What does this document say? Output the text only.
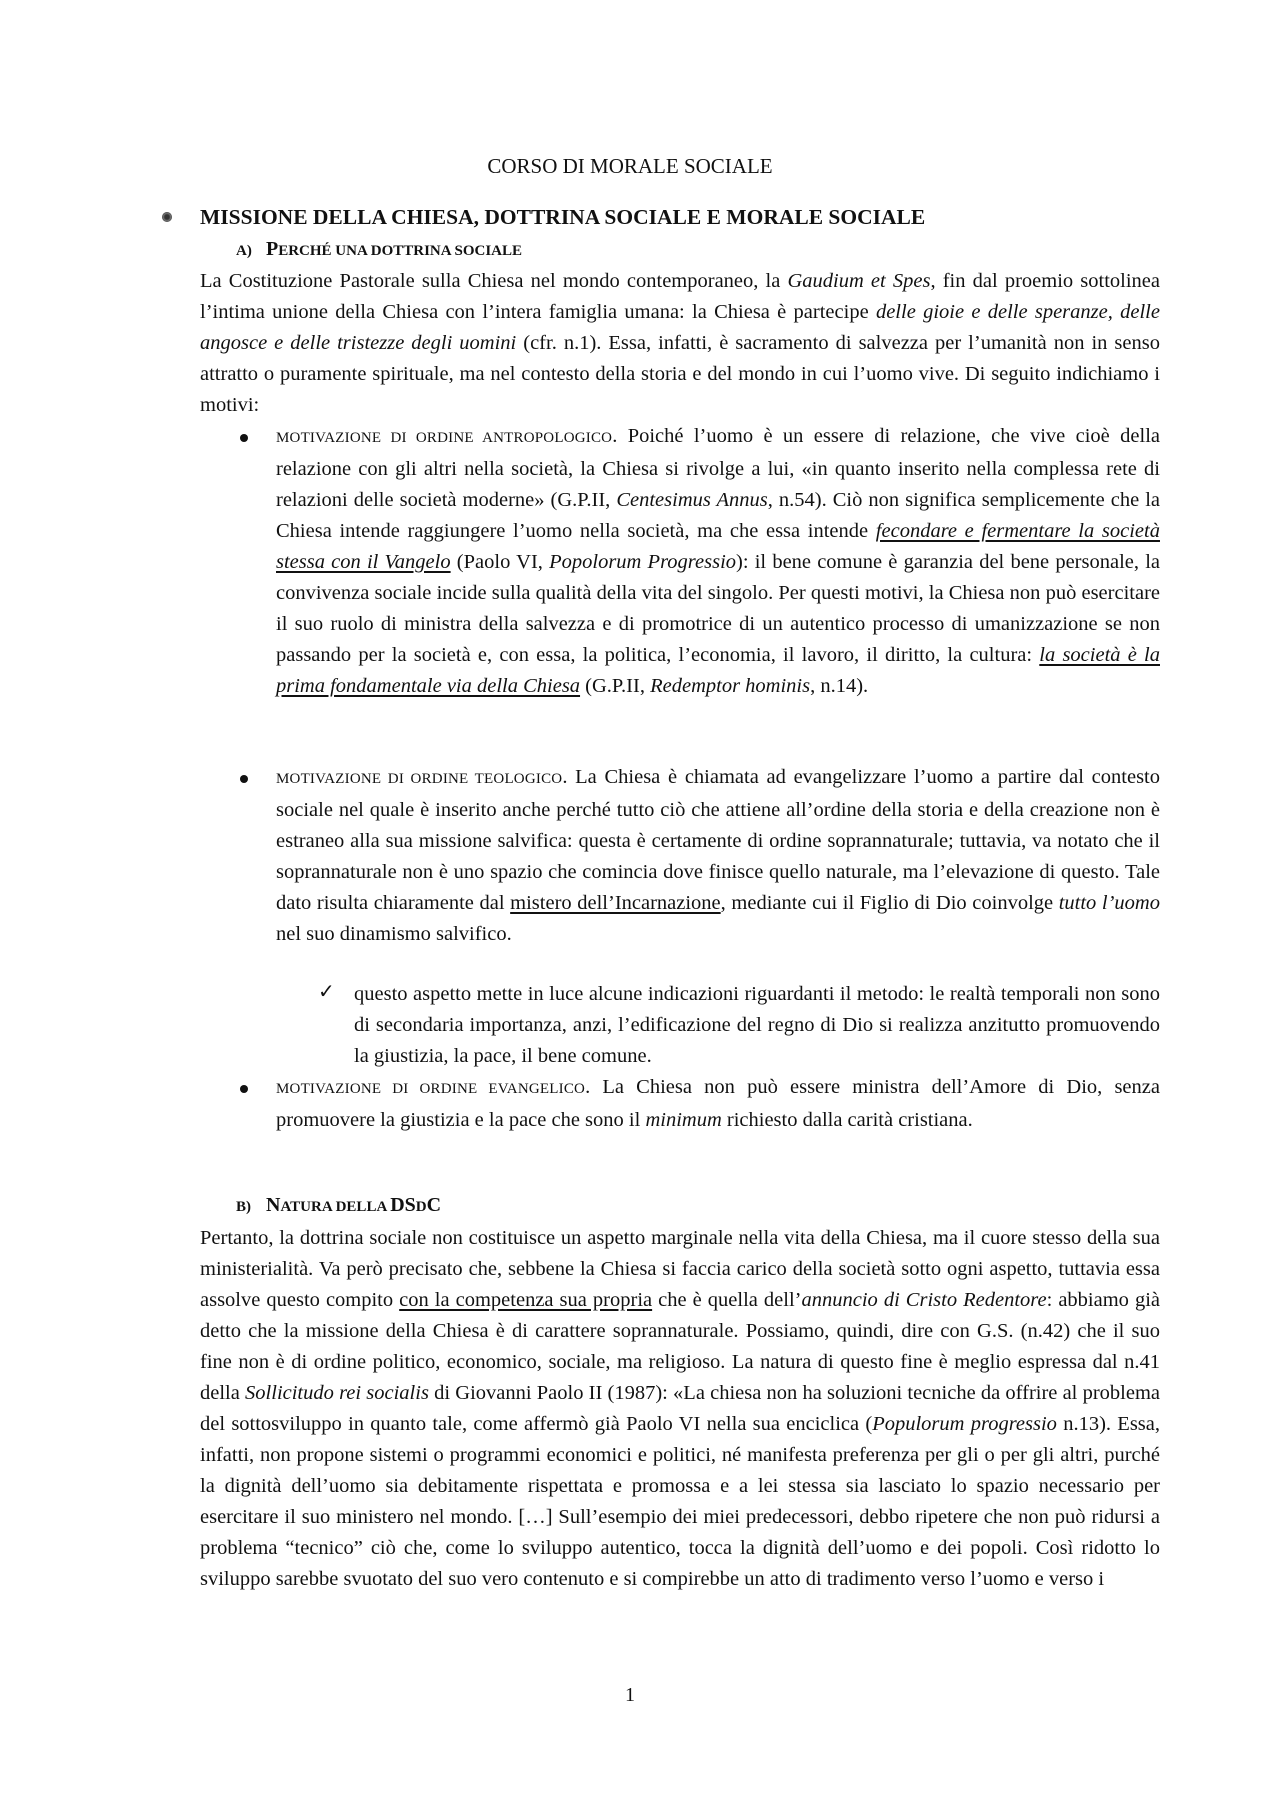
CORSO DI MORALE SOCIALE
MISSIONE DELLA CHIESA, DOTTRINA SOCIALE E MORALE SOCIALE
A) PERCHÉ UNA DOTTRINA SOCIALE

La Costituzione Pastorale sulla Chiesa nel mondo contemporaneo, la Gaudium et Spes, fin dal proemio sottolinea l’intima unione della Chiesa con l’intera famiglia umana: la Chiesa è partecipe delle gioie e delle speranze, delle angosce e delle tristezze degli uomini (cfr. n.1). Essa, infatti, è sacramento di salvezza per l’umanità non in senso attratto o puramente spirituale, ma nel contesto della storia e del mondo in cui l’uomo vive. Di seguito indichiamo i motivi:

MOTIVAZIONE DI ORDINE ANTROPOLOGICO. Poiché l’uomo è un essere di relazione, che vive cioè della relazione con gli altri nella società, la Chiesa si rivolge a lui, «in quanto inserito nella complessa rete di relazioni delle società moderne» (G.P.II, Centesimus Annus, n.54). Ciò non significa semplicemente che la Chiesa intende raggiungere l’uomo nella società, ma che essa intende fecondare e fermentare la società stessa con il Vangelo (Paolo VI, Popolorum Progressio): il bene comune è garanzia del bene personale, la convivenza sociale incide sulla qualità della vita del singolo. Per questi motivi, la Chiesa non può esercitare il suo ruolo di ministra della salvezza e di promotrice di un autentico processo di umanizzazione se non passando per la società e, con essa, la politica, l’economia, il lavoro, il diritto, la cultura: la società è la prima fondamentale via della Chiesa (G.P.II, Redemptor hominis, n.14).

MOTIVAZIONE DI ORDINE TEOLOGICO. La Chiesa è chiamata ad evangelizzare l’uomo a partire dal contesto sociale nel quale è inserito anche perché tutto ciò che attiene all’ordine della storia e della creazione non è estraneo alla sua missione salvifica: questa è certamente di ordine soprannaturale; tuttavia, va notato che il soprannaturale non è uno spazio che comincia dove finisce quello naturale, ma l’elevazione di questo. Tale dato risulta chiaramente dal mistero dell’Incarnazione, mediante cui il Figlio di Dio coinvolge tutto l’uomo nel suo dinamismo salvifico.

✓ questo aspetto mette in luce alcune indicazioni riguardanti il metodo: le realtà temporali non sono di secondaria importanza, anzi, l’edificazione del regno di Dio si realizza anzitutto promuovendo la giustizia, la pace, il bene comune.

MOTIVAZIONE DI ORDINE EVANGELICO. La Chiesa non può essere ministra dell’Amore di Dio, senza promuovere la giustizia e la pace che sono il minimum richiesto dalla carità cristiana.

B) NATURA DELLA DSDC

Pertanto, la dottrina sociale non costituisce un aspetto marginale nella vita della Chiesa, ma il cuore stesso della sua ministerialità. Va però precisato che, sebbene la Chiesa si faccia carico della società sotto ogni aspetto, tuttavia essa assolve questo compito con la competenza sua propria che è quella dell’annuncio di Cristo Redentore: abbiamo già detto che la missione della Chiesa è di carattere soprannaturale. Possiamo, quindi, dire con G.S. (n.42) che il suo fine non è di ordine politico, economico, sociale, ma religioso. La natura di questo fine è meglio espressa dal n.41 della Sollicitudo rei socialis di Giovanni Paolo II (1987): «La chiesa non ha soluzioni tecniche da offrire al problema del sottosviluppo in quanto tale, come affermò già Paolo VI nella sua enciclica (Populorum progressio n.13). Essa, infatti, non propone sistemi o programmi economici e politici, né manifesta preferenza per gli o per gli altri, purché la dignità dell’uomo sia debitamente rispettata e promossa e a lei stessa sia lasciato lo spazio necessario per esercitare il suo ministero nel mondo. […] Sull’esempio dei miei predecessori, debbo ripetere che non può ridursi a problema “tecnico” ciò che, come lo sviluppo autentico, tocca la dignità dell’uomo e dei popoli. Così ridotto lo sviluppo sarebbe svuotato del suo vero contenuto e si compirebbe un atto di tradimento verso l’uomo e verso i

1
